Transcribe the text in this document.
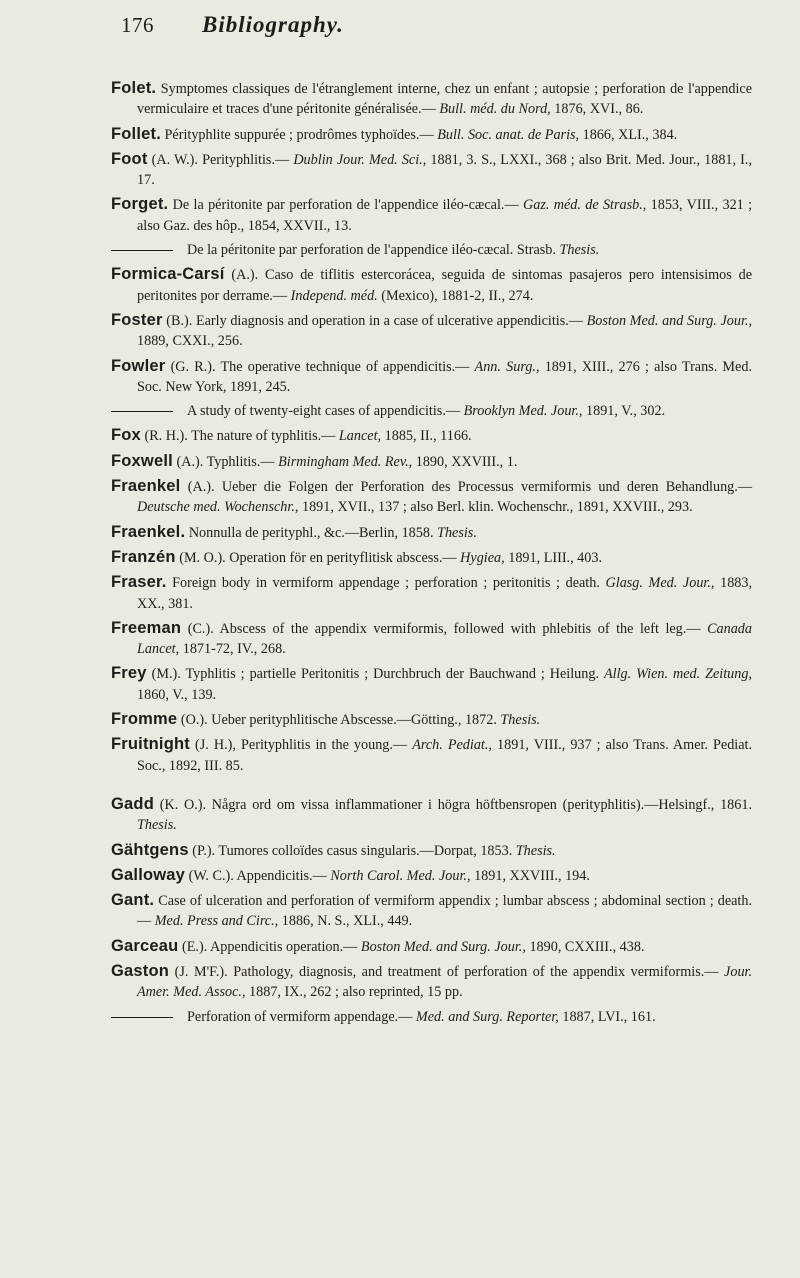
176 Bibliography.

Folet. Symptomes classiques de l'étranglement interne, chez un enfant ; autopsie ; perforation de l'appendice vermiculaire et traces d'une péritonite généralisée.— Bull. méd. du Nord, 1876, XVI., 86.

Follet. Pérityphlite suppurée ; prodrômes typhoïdes.— Bull. Soc. anat. de Paris, 1866, XLI., 384.

Foot (A. W.). Perityphlitis.— Dublin Jour. Med. Sci., 1881, 3. S., LXXI., 368 ; also Brit. Med. Jour., 1881, I., 17.

Forget. De la péritonite par perforation de l'appendice iléo-cæcal.— Gaz. méd. de Strasb., 1853, VIII., 321 ; also Gaz. des hôp., 1854, XXVII., 13.

De la péritonite par perforation de l'appendice iléo-cæcal. Strasb. Thesis.

Formica-Carsí (A.). Caso de tiflitis estercorácea, seguida de sintomas pasajeros pero intensisimos de peritonites por derrame.— Independ. méd. (Mexico), 1881-2, II., 274.

Foster (B.). Early diagnosis and operation in a case of ulcerative appendicitis.— Boston Med. and Surg. Jour., 1889, CXXI., 256.

Fowler (G. R.). The operative technique of appendicitis.— Ann. Surg., 1891, XIII., 276 ; also Trans. Med. Soc. New York, 1891, 245.

A study of twenty-eight cases of appendicitis.— Brooklyn Med. Jour., 1891, V., 302.

Fox (R. H.). The nature of typhlitis.— Lancet, 1885, II., 1166.

Foxwell (A.). Typhlitis.— Birmingham Med. Rev., 1890, XXVIII., 1.

Fraenkel (A.). Ueber die Folgen der Perforation des Processus vermiformis und deren Behandlung.— Deutsche med. Wochenschr., 1891, XVII., 137 ; also Berl. klin. Wochenschr., 1891, XXVIII., 293.

Fraenkel. Nonnulla de perityphl., &c.—Berlin, 1858. Thesis.

Franzén (M. O.). Operation för en perityflitisk abscess.— Hygiea, 1891, LIII., 403.

Fraser. Foreign body in vermiform appendage ; perforation ; peritonitis ; death. Glasg. Med. Jour., 1883, XX., 381.

Freeman (C.). Abscess of the appendix vermiformis, followed with phlebitis of the left leg.— Canada Lancet, 1871-72, IV., 268.

Frey (M.). Typhlitis ; partielle Peritonitis ; Durchbruch der Bauchwand ; Heilung. Allg. Wien. med. Zeitung, 1860, V., 139.

Fromme (O.). Ueber perityphlitische Abscesse.—Götting., 1872. Thesis.

Fruitnight (J. H.), Perityphlitis in the young.— Arch. Pediat., 1891, VIII., 937 ; also Trans. Amer. Pediat. Soc., 1892, III. 85.

Gadd (K. O.). Några ord om vissa inflammationer i högra höftbensropen (perityphlitis).—Helsingf., 1861. Thesis.

Gähtgens (P.). Tumores colloïdes casus singularis.—Dorpat, 1853. Thesis.

Galloway (W. C.). Appendicitis.— North Carol. Med. Jour., 1891, XXVIII., 194.

Gant. Case of ulceration and perforation of vermiform appendix ; lumbar abscess ; abdominal section ; death.— Med. Press and Circ., 1886, N. S., XLI., 449.

Garceau (E.). Appendicitis operation.— Boston Med. and Surg. Jour., 1890, CXXIII., 438.

Gaston (J. M'F.). Pathology, diagnosis, and treatment of perforation of the appendix vermiformis.— Jour. Amer. Med. Assoc., 1887, IX., 262 ; also reprinted, 15 pp.

Perforation of vermiform appendage.— Med. and Surg. Reporter, 1887, LVI., 161.
